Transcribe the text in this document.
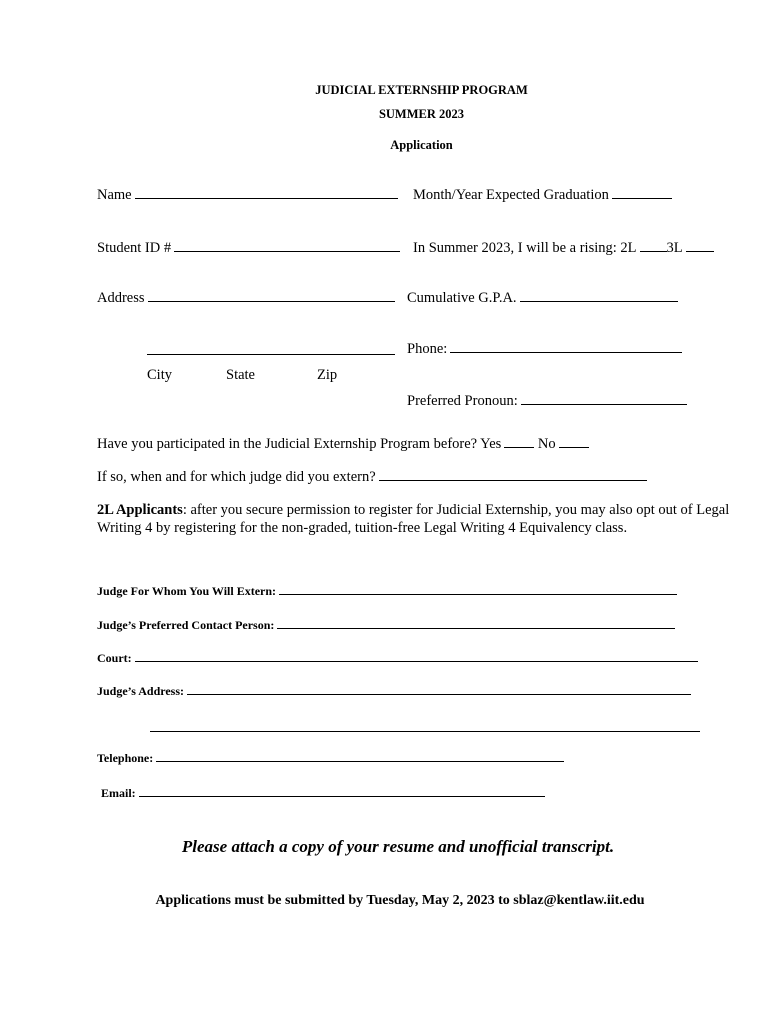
JUDICIAL EXTERNSHIP PROGRAM
SUMMER 2023
Application
Name	Month/Year Expected Graduation
Student ID #	In Summer 2023, I will be a rising: 2L 3L
Address	Cumulative G.P.A.
Phone:
City	State	Zip
Preferred Pronoun:
Have you participated in the Judicial Externship Program before? Yes	No
If so, when and for which judge did you extern?
2L Applicants: after you secure permission to register for Judicial Externship, you may also opt out of Legal Writing 4 by registering for the non-graded, tuition-free Legal Writing 4 Equivalency class.
Judge For Whom You Will Extern:
Judge’s Preferred Contact Person:
Court:
Judge’s Address:
Telephone:
Email:
Please attach a copy of your resume and unofficial transcript.
Applications must be submitted by Tuesday, May 2, 2023 to sblaz@kentlaw.iit.edu
